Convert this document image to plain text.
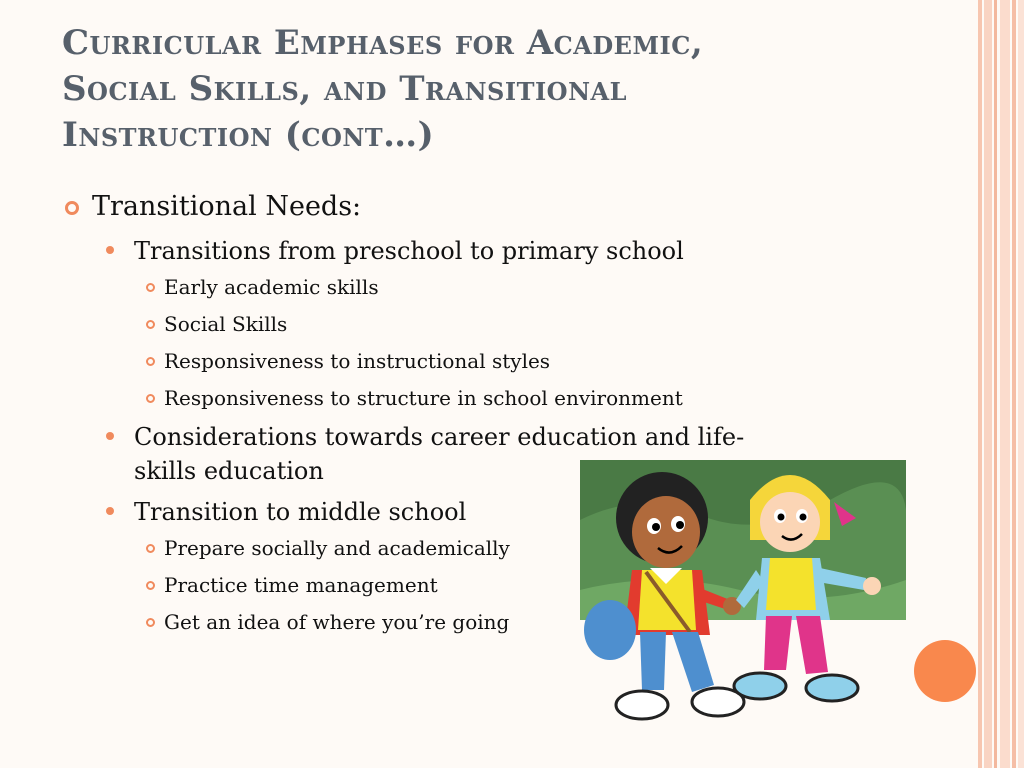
Curricular Emphases for Academic,
Social Skills, and Transitional
Instruction (cont…)
Transitional Needs:
Transitions from preschool to primary school
Early academic skills
Social Skills
Responsiveness to instructional styles
Responsiveness to structure in school environment
Considerations towards career education and life-
skills education
Transition to middle school
Prepare socially and academically
Practice time management
Get an idea of where you’re going
